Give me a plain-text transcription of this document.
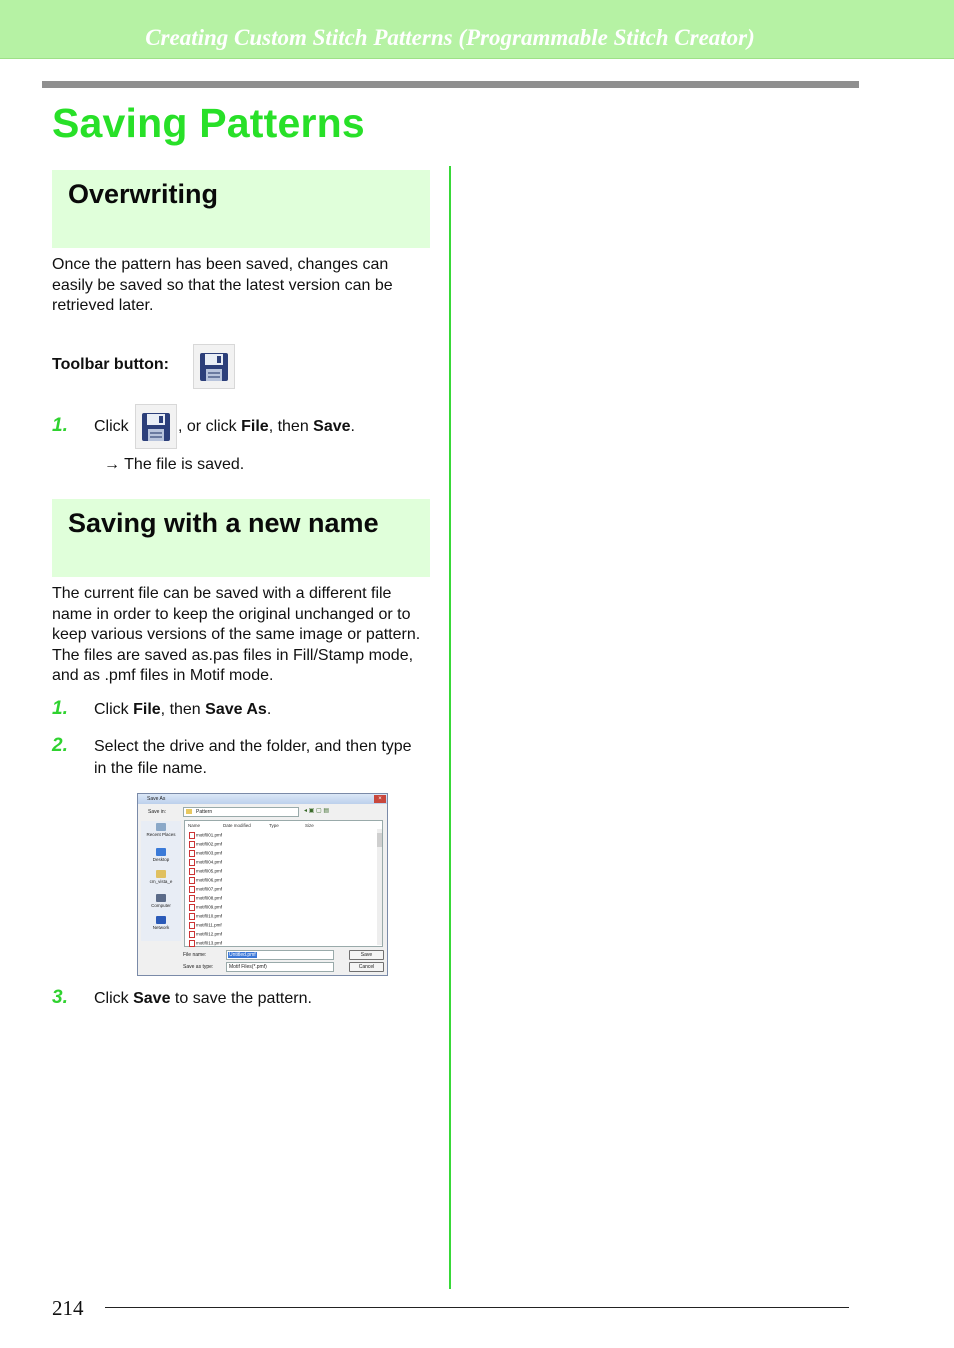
Creating Custom Stitch Patterns (Programmable Stitch Creator)
Saving Patterns
Overwriting
Once the pattern has been saved, changes can
easily be saved so that the latest version can be
retrieved later.
Toolbar button:
1. Click	, or click File, then Save.
→ The file is saved.
Saving with a new name
The current file can be saved with a different file
name in order to keep the original unchanged or to
keep various versions of the same image or pattern.
The files are saved as.pas files in Fill/Stamp mode,
and as .pmf files in Motif mode.
1. Click File, then Save As.
2. Select the drive and the folder, and then type
in the file name.
Save As	×
Save in:	Pattern	◂ ▣ ▢ ▤
Recent Places
Desktop
cm_vista_e
Computer
Network
Name	Date modified	Type	Size
motif001.pmf
motif002.pmf
motif003.pmf
motif004.pmf
motif005.pmf
motif006.pmf
motif007.pmf
motif008.pmf
motif009.pmf
motif010.pmf
motif011.pmf
motif012.pmf
motif013.pmf
File name:	Untitled.pmf
Save as type:	Motif Files(*.pmf)
Save
Cancel
3. Click Save to save the pattern.
214
